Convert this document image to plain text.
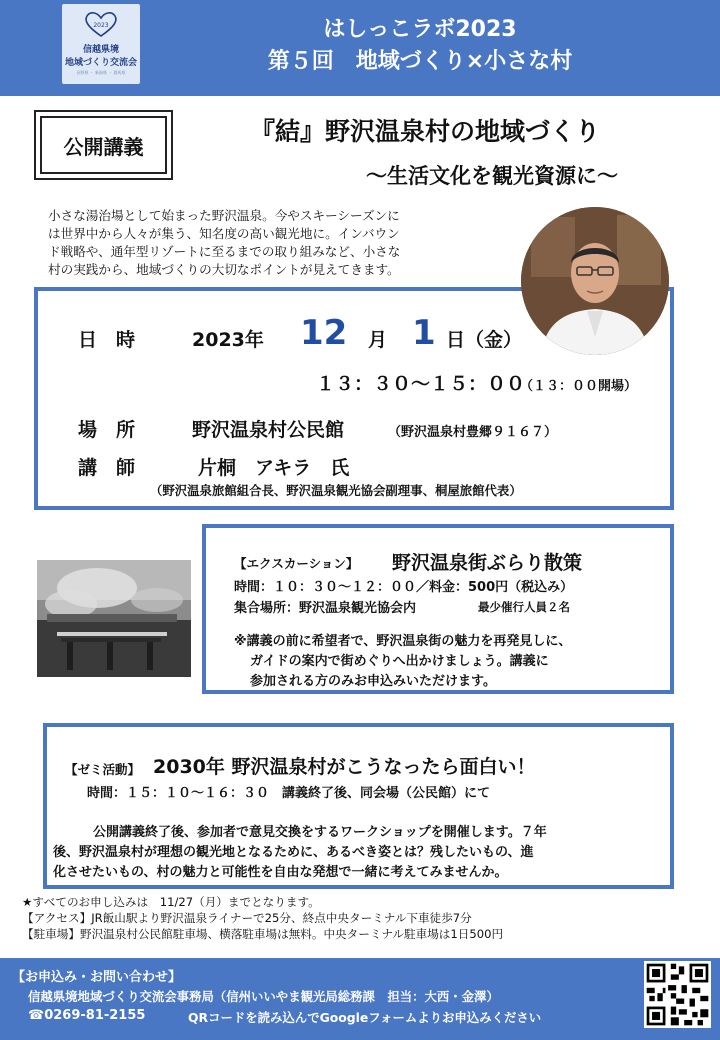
2023
信越県境
地域づくり交流会
長野県 ・ 新潟県 ・ 群馬県
はしっこラボ2023
第５回　地域づくり×小さな村
公開講義
『結』野沢温泉村の地域づくり
～生活文化を観光資源に～
小さな湯治場として始まった野沢温泉。今やスキーシーズンに
は世界中から人々が集う、知名度の高い観光地に。インバウン
ド戦略や、通年型リゾートに至るまでの取り組みなど、小さな
村の実践から、地域づくりの大切なポイントが見えてきます。
日　時	2023年 12 月 1 日（金）
１３：３０～１５：００
（１３：００開場）
場　所	野沢温泉村公民館	（野沢温泉村豊郷９１６７）
講　師	片桐　アキラ　氏
（野沢温泉旅館組合長、野沢温泉観光協会副理事、桐屋旅館代表）
【エクスカーション】 野沢温泉街ぶらり散策
時間：１０：３０～１２：００／料金：500円（税込み）
集合場所：野沢温泉観光協会内	最少催行人員２名
※講義の前に希望者で、野沢温泉街の魅力を再発見しに、
ガイドの案内で街めぐりへ出かけましょう。講義に
参加される方のみお申込みいただけます。
【ゼミ活動】 2030年 野沢温泉村がこうなったら面白い！
時間：１５：１０～１６：３０　講義終了後、同会場（公民館）にて
公開講義終了後、参加者で意見交換をするワークショップを開催します。７年
後、野沢温泉村が理想の観光地となるために、あるべき姿とは？残したいもの、進
化させたいもの、村の魅力と可能性を自由な発想で一緒に考えてみませんか。
★すべてのお申し込みは　11/27（月）までとなります。
【アクセス】JR飯山駅より野沢温泉ライナーで25分、終点中央ターミナル下車徒歩7分
【駐車場】野沢温泉村公民館駐車場、横落駐車場は無料。中央ターミナル駐車場は1日500円
【お申込み・お問い合わせ】
信越県境地域づくり交流会事務局（信州いいやま観光局総務課　担当：大西・金澤）
☎0269-81-2155	QRコードを読み込んでGoogleフォームよりお申込みください
